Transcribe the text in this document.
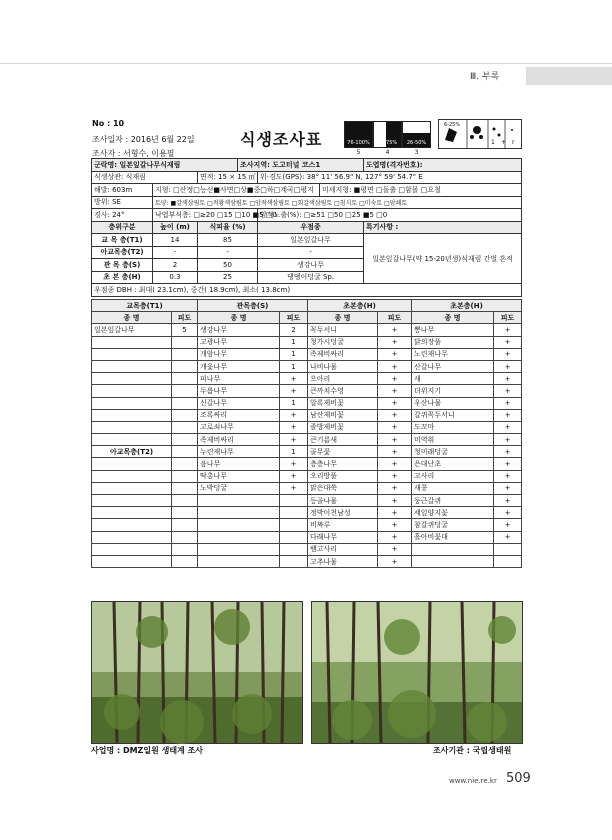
Ⅲ. 부록
No : 10
조사일자 : 2016년 6월 22일
조사자 : 서형수, 이용필
식생조사표	76-100%	51-75%	26-50%
5	4	3
6-25%
1 + r
군락명: 일본잎갈나무식재림			조사지역: 도고터널 코스1			도엽명(격자번호):
식생상관: 식재림		면적: 15 × 15 ㎡		위·경도(GPS): 38° 11' 56.9" N, 127° 59' 54.7" E		
해발: 603m	지형: □산정□능선■사면□상■중□하□계곡□평지				미세지형: ■평면 □돌출 □함몰 □요철	
방위: SE	토양: ■갈색삼림토 □적황색삼림토 □암적색삼림토 □회갈색삼림토 □침식토 □미숙토 □암쇄토					
경사: 24°	낙엽부식층: □≥20 □15 □10 ■5 □0			암석노출(%): □≥51 □50 □25 ■5 □0		
층위구분	높이 (m)	식피율 (%)		우점종		특기사항 :
교 목 층(T1)	14	85		일본잎갈나무		일본잎갈나무(약 15-20년생)식재림 간벌 흔적
아교목층(T2)	-	-		-		
관 목 층(S)	2	50		생강나무		
초 본 층(H)	0.3	25		댕댕이덩굴 Sp.		
우점종 DBH : 최대( 23.1cm), 중간( 18.9cm), 최소( 13.8cm)						
교목층(T1)		관목층(S)		초본층(H)		초본층(H)	
종 명	피도	종 명	피도	종 명	피도	종 명	피도
일본잎갈나무	5	생강나무	2	꼭두서니	+	뽕나무	+
		고광나무	1	청가시덩굴	+	닭의장풀	+
		개암나무	1	족제비싸리	+	노린재나무	+
		개옻나무	1	나비나물	+	산갈나무	+
		피나무	+	으아리	+	새	+
		두릅나무	+	큰까치수영	+	더위지기	+
		신갈나무	1	알록제비꽃	+	우산나물	+
		조록싸리	+	남산제비꽃	+	갈퀴꼭두서니	+
		고로쇠나무	+	졸방제비꽃	+	도꼬마	+
		족제비싸리	+	큰기름새	+	미역취	+
아교목층(T2)		누린재나무	1	골무꽃	+	청미래덩굴	+
		음나무	+	층층나무	+	은대난초	+
		딱총나무	+	오리방풀	+	고사리	+
		노박덩굴	+	맑은대쑥	+	새콩	+
				등골나물	+	둥근갈퀴	+
				정박이천남성	+	세잎양지꽃	+
				비짜루	+	참갈퀴덩굴	+
				다래나무	+	흘아비꽃대	+
				뱀고사리	+		
				고추나물	+		
사업명 : DMZ일원 생태계 조사	조사기관 : 국립생태원
www.nie.re.kr 509
